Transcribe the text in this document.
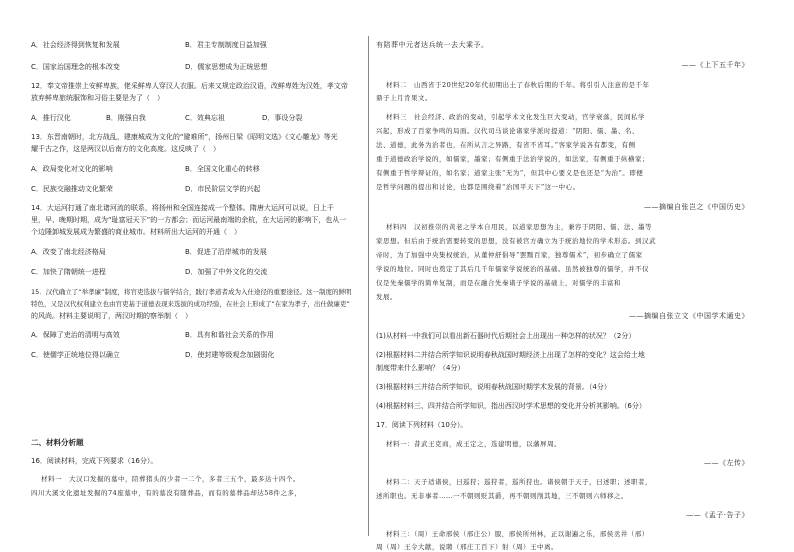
A．社会经济得到恢复和发展	B．君主专制制度日益加强
C．国家治国理念的根本改变	D．儒家思想成为正统思想
12．奉文帝推崇上安鲜卑族，佬采鲜卑人穿汉人衣服。后来又规定政治汉语，改鲜卑姓为汉姓，孝文帝
放弃鲜卑旅统服饰和习俗主要是为了（　）
A．推行汉化	B．刚强自我	C．效典忘祖	D．事设分裂
13．东晋南朝时，北方战乱，建康城成为文化的“避难所”，扬州日梁《昭明文选》《文心雕龙》等光
耀千古之作，这是两汉以后南方的文化高度。这反映了（　）
A．政局变化对文化的影响	B．全国文化重心的转移
C．民族交融推动文化繁荣	D．市民阶层文学的兴起
14．大运河打通了南北诸河流的联系，将扬州和全国连接成一个整体。隋唐大运河可以说，日上千
里，早、晚期时期，成为“耻富冠天下”的一方都会；而运河最南端的余杭，在大运河的影响下，也从一
个边陲卸城发展成为繁盛的商业城市。材料所出大运河的开通（　）
A．改变了南北经济格局	B．促进了沿岸城市的发展
C．加快了隋朝统一进程	D．加强了中外文化的交流
15．汉代确立了“举孝廉”制度，将官吏选拔与儒学结合，践行孝道者成为入仕途径的重要途径。这一制度的鲜明
特色，又是汉代权利建立也由官吏基于道德表现来选拔的成功经验，在社会上形成了“在家为孝子，出仕做廉吏”
的风尚。材料主要说明了，两汉时期的察举制（　）
A．保障了吏治的清明与高效	B．具有和谐社会关系的作用
C．使儒学正统地位得以确立	D．使封建等级观念加剧弱化
二、材料分析题
16．阅读材料，完成下列要求（16分）。
材料一　大汉口发掘的墓中，陪葬猪头的少者一二个，多者三五个，最多达十四个。
四川大溪文化遗址发掘的74座墓中，有的墓没有随葬品，而有的墓葬品却达58件之多，
有陪葬中元者达兵统一去大乘予。
——《上下五千年》
材料二　山西省于20世纪20年代初期出土了春秋后期的千年。将引引人注意的是千年
鼎子上月肯果文。
材料三　社会经济、政治的变动，引起学术文化发生巨大变动，官学衰落，民间私学
兴起，形成了百家争鸣的局面。汉代司马谈论诸家学派时提道：“阴阳、儒、墨、名、
法、道德，此务为治者也，在所从言之异路，有省不省耳。”客家学说各有都变，有侧
重于道德政治学说的，如儒家，墨家；有侧重于法治学说的，如法家，有侧重于纵横家；
有侧重于哲学辩证的，如名家；道家主张“无为”，但其中心要义是也还是“为治”。即便
是哲学问题的提出和讨论，也都是围绕着“治国平天下”这一中心。
——摘编自张岂之《中国历史》
材料四　汉初推崇的黄老之学本自用民，以道家思想为主，兼容于阴阳、儒、法、墨等
家思想。但后由于统治需要转变的思想，没有被官方确立为于统治地位的学术形态。到汉武
帝时，为了加强中央集权统治，从董仲舒倡导“罢黜百家，独尊儒术”，初步确立了儒家
学说的地位。同时也奠定了其后几千年儒家学说统治的基础。虽然被独尊的儒学，并不仅
仅是先秦儒学的简单复制，而是在融合先秦诸子学说的基础上，对儒学的丰富和
发展。
——摘编自张立文《中国学术通史》
(1)从材料一中我们可以看出新石器时代后期社会上出现出一种怎样的状况？（2分）
(2)根据材料二并结合所学知识说明春秋战国时期经济上出现了怎样的变化？这会给土地
制度带来什么影响？（4分）
(3)根据材料三并结合所学知识，说明春秋战国时期学术发展的背景。（4分）
(4)根据材料三、四并结合所学知识，指出西汉时学术思想的变化并分析其影响。（6分）
17．阅读下列材料（10分）。
材料一：昔武王克商，成王定之，选建明德，以藩屏周。
——《左传》
材料二：天子适诸侯，曰巡狩；巡狩者，巡所狩也。诸侯朝于天子，曰述职；述职者，
述所职也。无非事者……一不朝则贬其爵，再不朝则削其地，三不朝则六师移之。
——《孟子·告子》
材料三：（周）王命邢侯（邢庄公）服，邢侯所州林，正以谢遍之乐，邢侯丞井（邢）
周（周）王令大献，说聘（邢庄工百下）射（周）王中离。
